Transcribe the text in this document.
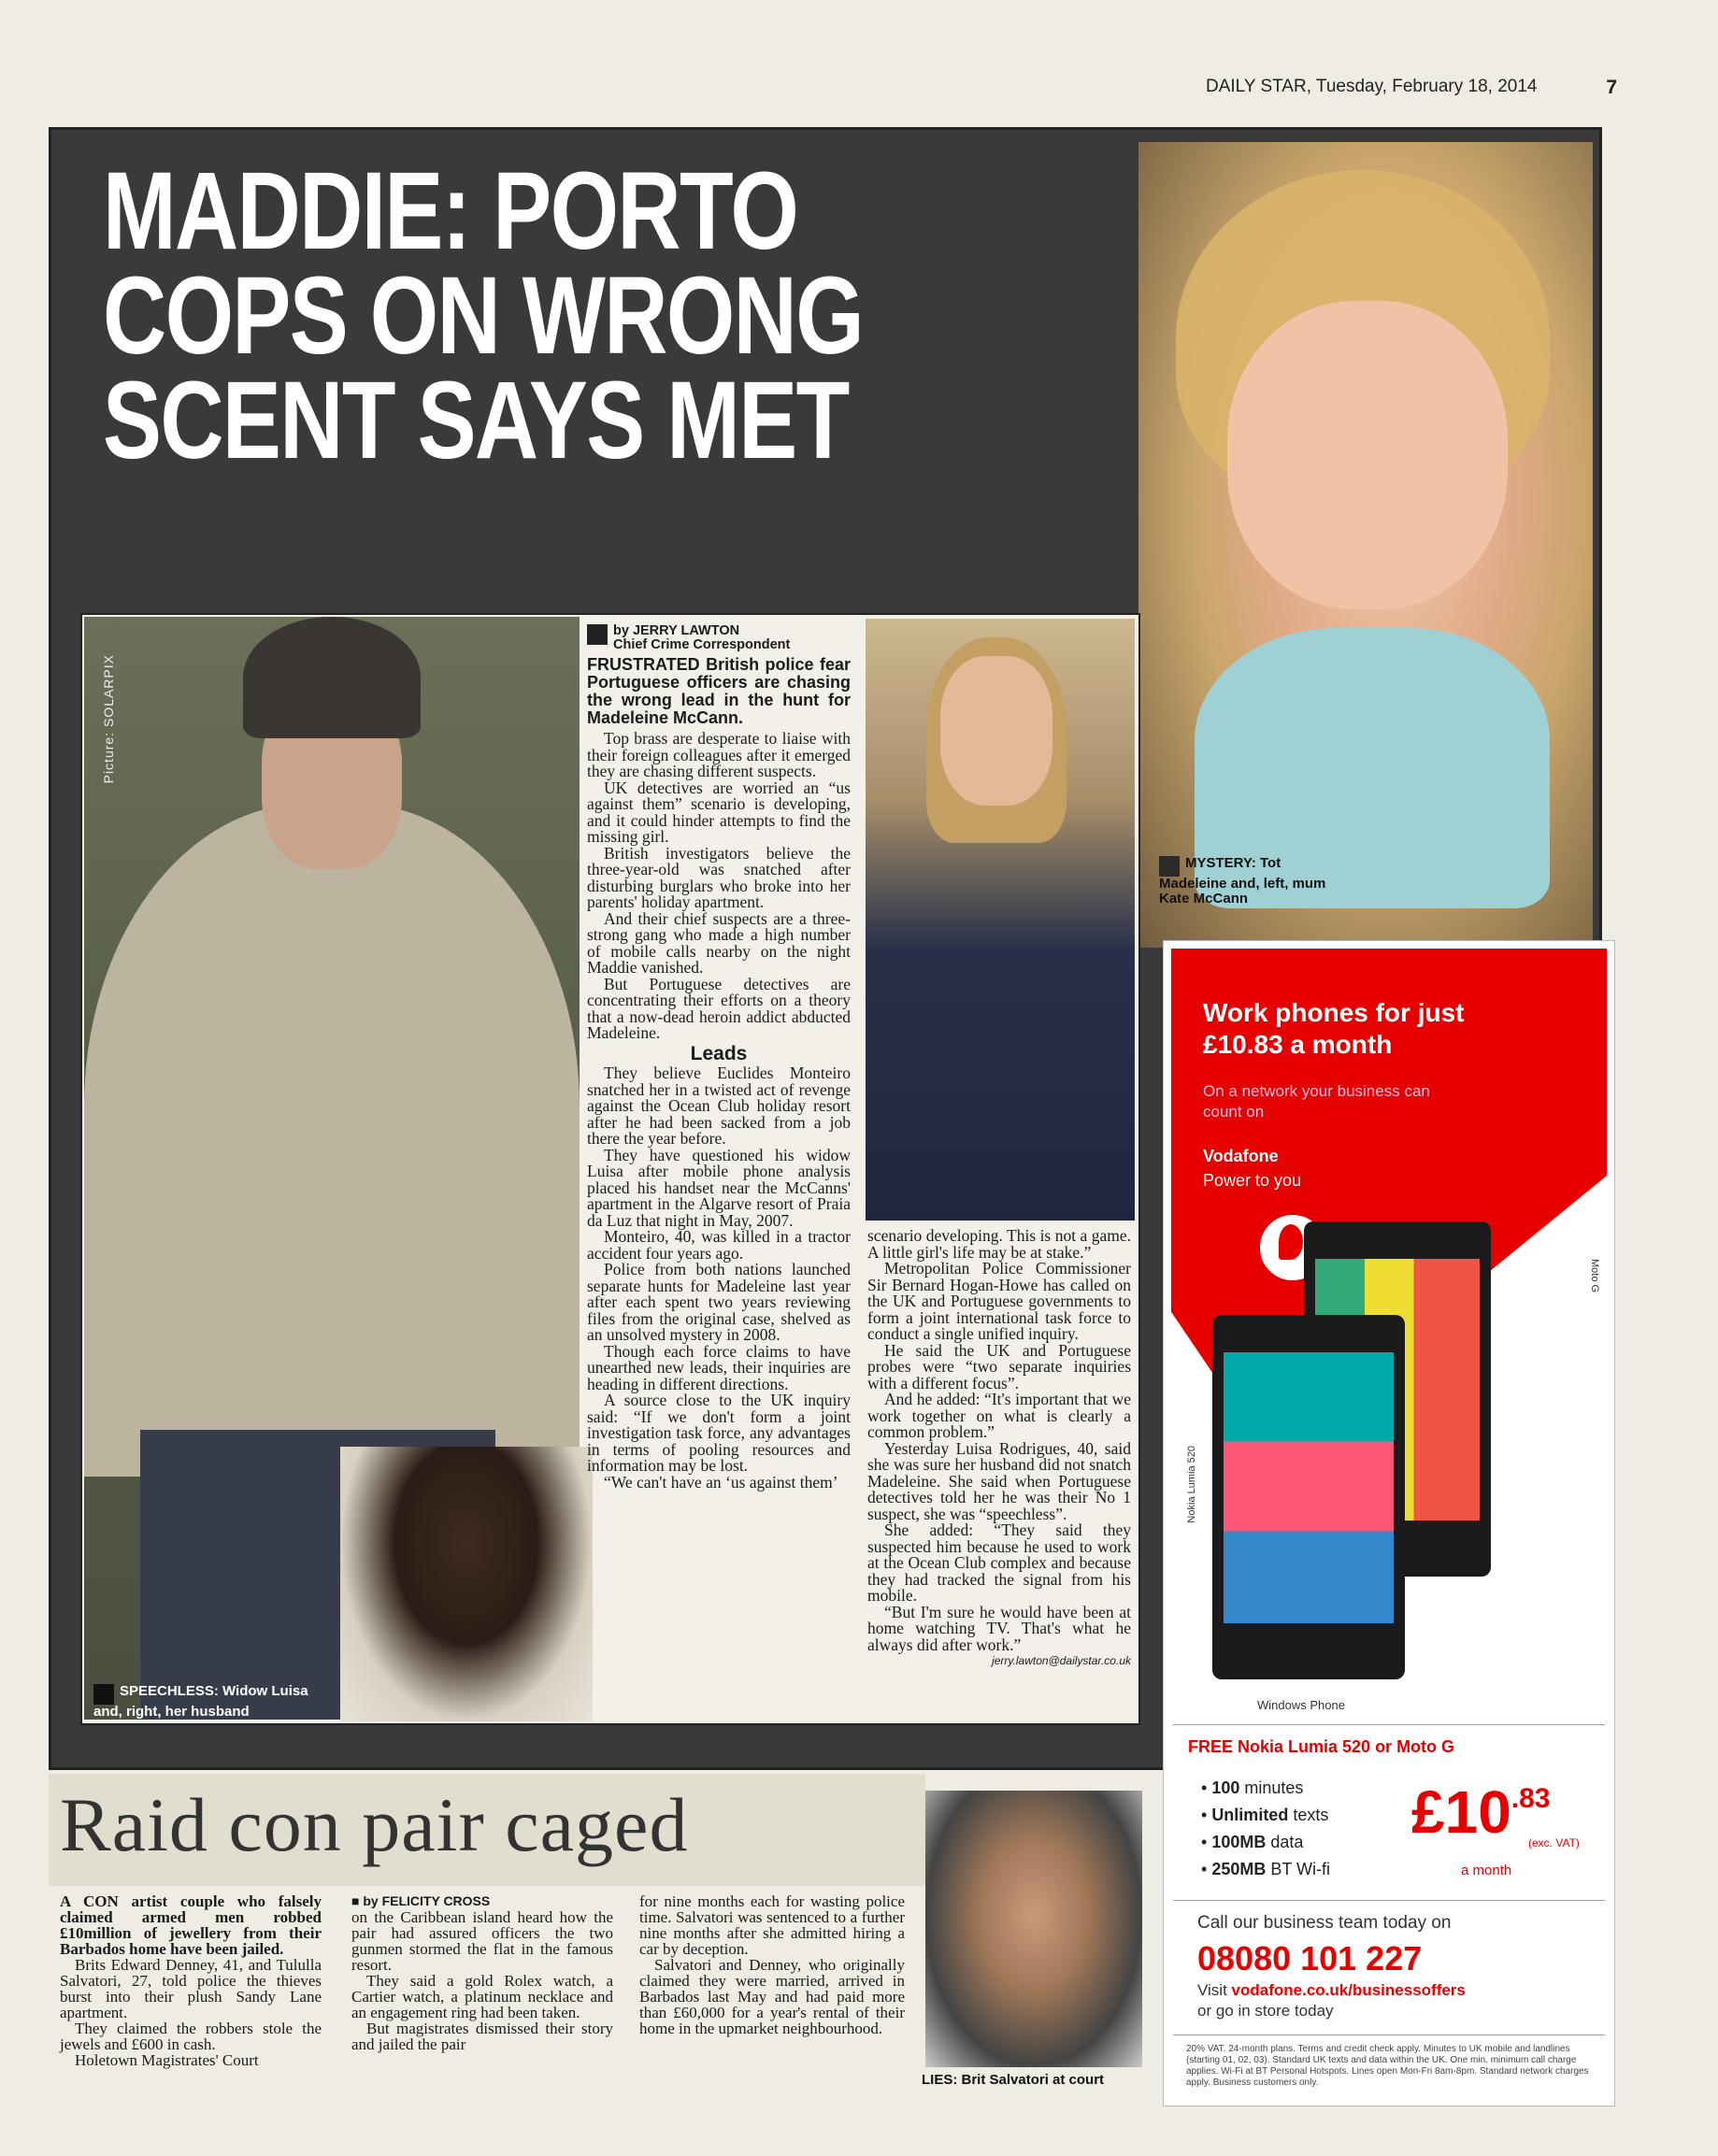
DAILY STAR, Tuesday, February 18, 2014	7
MADDIE: PORTO
COPS ON WRONG
SCENT SAYS MET
MYSTERY: Tot Madeleine and, left, mum Kate McCann
Picture: SOLARPIX
SPEECHLESS: Widow Luisa and, right, her husband
by JERRY LAWTON
Chief Crime Correspondent
FRUSTRATED British police fear Portuguese officers are chasing the wrong lead in the hunt for Madeleine McCann.

Top brass are desperate to liaise with their foreign colleagues after it emerged they are chasing different suspects.

UK detectives are worried an “us against them” scenario is developing, and it could hinder attempts to find the missing girl.

British investigators believe the three-year-old was snatched after disturbing burglars who broke into her parents' holiday apartment.

And their chief suspects are a three-strong gang who made a high number of mobile calls nearby on the night Maddie vanished.

But Portuguese detectives are concentrating their efforts on a theory that a now-dead heroin addict abducted Madeleine.

Leads

They believe Euclides Monteiro snatched her in a twisted act of revenge against the Ocean Club holiday resort after he had been sacked from a job there the year before.

They have questioned his widow Luisa after mobile phone analysis placed his handset near the McCanns' apartment in the Algarve resort of Praia da Luz that night in May, 2007.

Monteiro, 40, was killed in a tractor accident four years ago.

Police from both nations launched separate hunts for Madeleine last year after each spent two years reviewing files from the original case, shelved as an unsolved mystery in 2008.

Though each force claims to have unearthed new leads, their inquiries are heading in different directions.

A source close to the UK inquiry said: “If we don't form a joint investigation task force, any advantages in terms of pooling resources and information may be lost.

“We can't have an ‘us against them’

scenario developing. This is not a game. A little girl's life may be at stake.”

Metropolitan Police Commissioner Sir Bernard Hogan-Howe has called on the UK and Portuguese governments to form a joint international task force to conduct a single unified inquiry.

He said the UK and Portuguese probes were “two separate inquiries with a different focus”.

And he added: “It's important that we work together on what is clearly a common problem.”

Yesterday Luisa Rodrigues, 40, said she was sure her husband did not snatch Madeleine. She said when Portuguese detectives told her he was their No 1 suspect, she was “speechless”.

She added: “They said they suspected him because he used to work at the Ocean Club complex and because they had tracked the signal from his mobile.

“But I'm sure he would have been at home watching TV. That's what he always did after work.”

jerry.lawton@dailystar.co.uk
Work phones for just £10.83 a month
On a network your business can count on
Vodafone
Power to you
Nokia Lumia 520
Moto G
Windows Phone
FREE Nokia Lumia 520 or Moto G
• 100 minutes
• Unlimited texts
• 100MB data
• 250MB BT Wi-fi
$£10^{.83}$
(exc. VAT)
a month
Call our business team today on
08080 101 227
Visit vodafone.co.uk/businessoffers
or go in store today
20% VAT. 24-month plans. Terms and credit check apply. Minutes to UK mobile and landlines (starting 01, 02, 03). Standard UK texts and data within the UK. One min. minimum call charge applies. Wi-Fi at BT Personal Hotspots. Lines open Mon-Fri 8am-8pm. Standard network charges apply. Business customers only.
Raid con pair caged
LIES: Brit Salvatori at court

A CON artist couple who falsely claimed armed men robbed £10million of jewellery from their Barbados home have been jailed.

Brits Edward Denney, 41, and Tululla Salvatori, 27, told police the thieves burst into their plush Sandy Lane apartment.

They claimed the robbers stole the jewels and £600 in cash.

Holetown Magistrates' Court

■ by FELICITY CROSS

on the Caribbean island heard how the pair had assured officers the two gunmen stormed the flat in the famous resort.

They said a gold Rolex watch, a Cartier watch, a platinum necklace and an engagement ring had been taken.

But magistrates dismissed their story and jailed the pair

for nine months each for wasting police time. Salvatori was sentenced to a further nine months after she admitted hiring a car by deception.

Salvatori and Denney, who originally claimed they were married, arrived in Barbados last May and had paid more than £60,000 for a year's rental of their home in the upmarket neighbourhood.
